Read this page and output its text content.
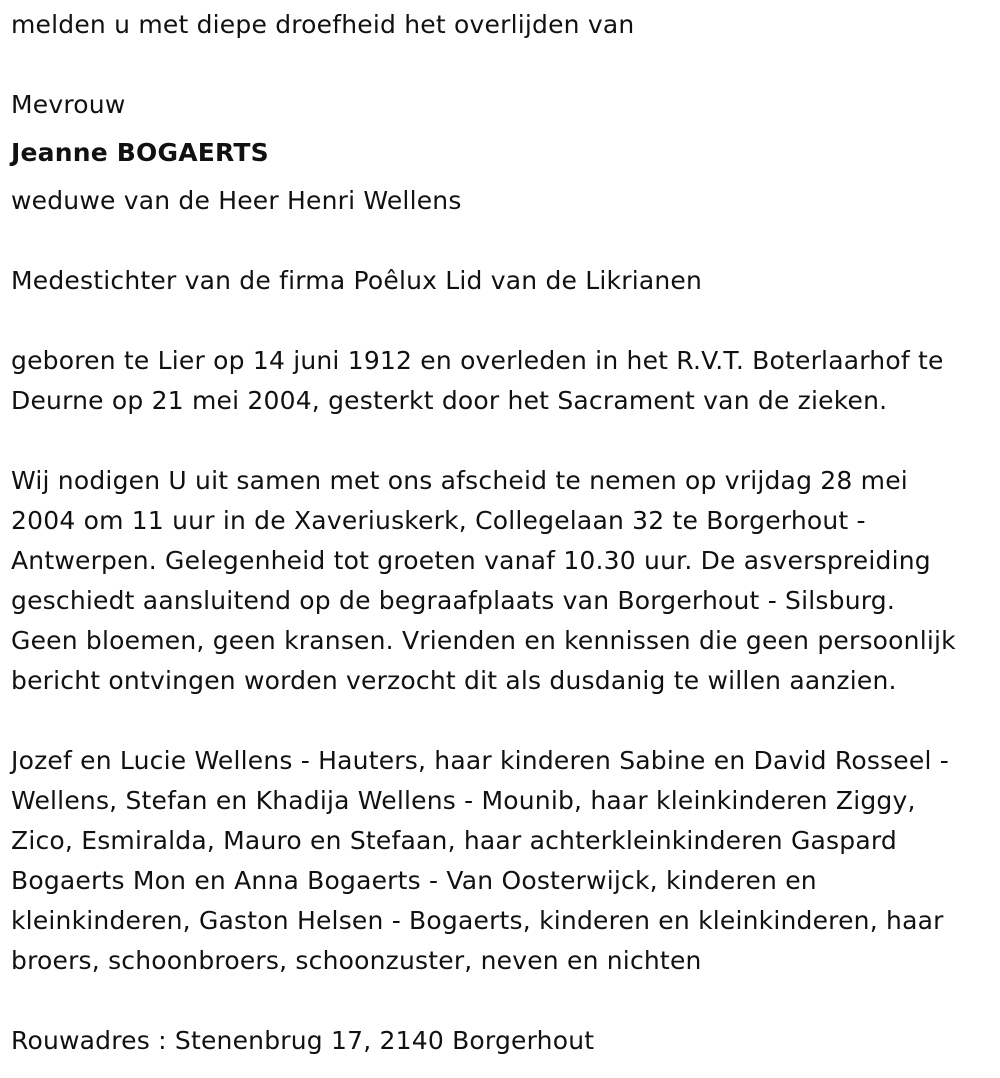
melden u met diepe droefheid het overlijden van

Mevrouw

Jeanne BOGAERTS

weduwe van de Heer Henri Wellens

Medestichter van de firma Poêlux Lid van de Likrianen

geboren te Lier op 14 juni 1912 en overleden in het R.V.T. Boterlaarhof te
Deurne op 21 mei 2004, gesterkt door het Sacrament van de zieken.

Wij nodigen U uit samen met ons afscheid te nemen op vrijdag 28 mei
2004 om 11 uur in de Xaveriuskerk, Collegelaan 32 te Borgerhout -
Antwerpen. Gelegenheid tot groeten vanaf 10.30 uur. De asverspreiding
geschiedt aansluitend op de begraafplaats van Borgerhout - Silsburg.
Geen bloemen, geen kransen. Vrienden en kennissen die geen persoonlijk
bericht ontvingen worden verzocht dit als dusdanig te willen aanzien.

Jozef en Lucie Wellens - Hauters, haar kinderen Sabine en David Rosseel -
Wellens, Stefan en Khadija Wellens - Mounib, haar kleinkinderen Ziggy,
Zico, Esmiralda, Mauro en Stefaan, haar achterkleinkinderen Gaspard
Bogaerts Mon en Anna Bogaerts - Van Oosterwijck, kinderen en
kleinkinderen, Gaston Helsen - Bogaerts, kinderen en kleinkinderen, haar
broers, schoonbroers, schoonzuster, neven en nichten

Rouwadres : Stenenbrug 17, 2140 Borgerhout
